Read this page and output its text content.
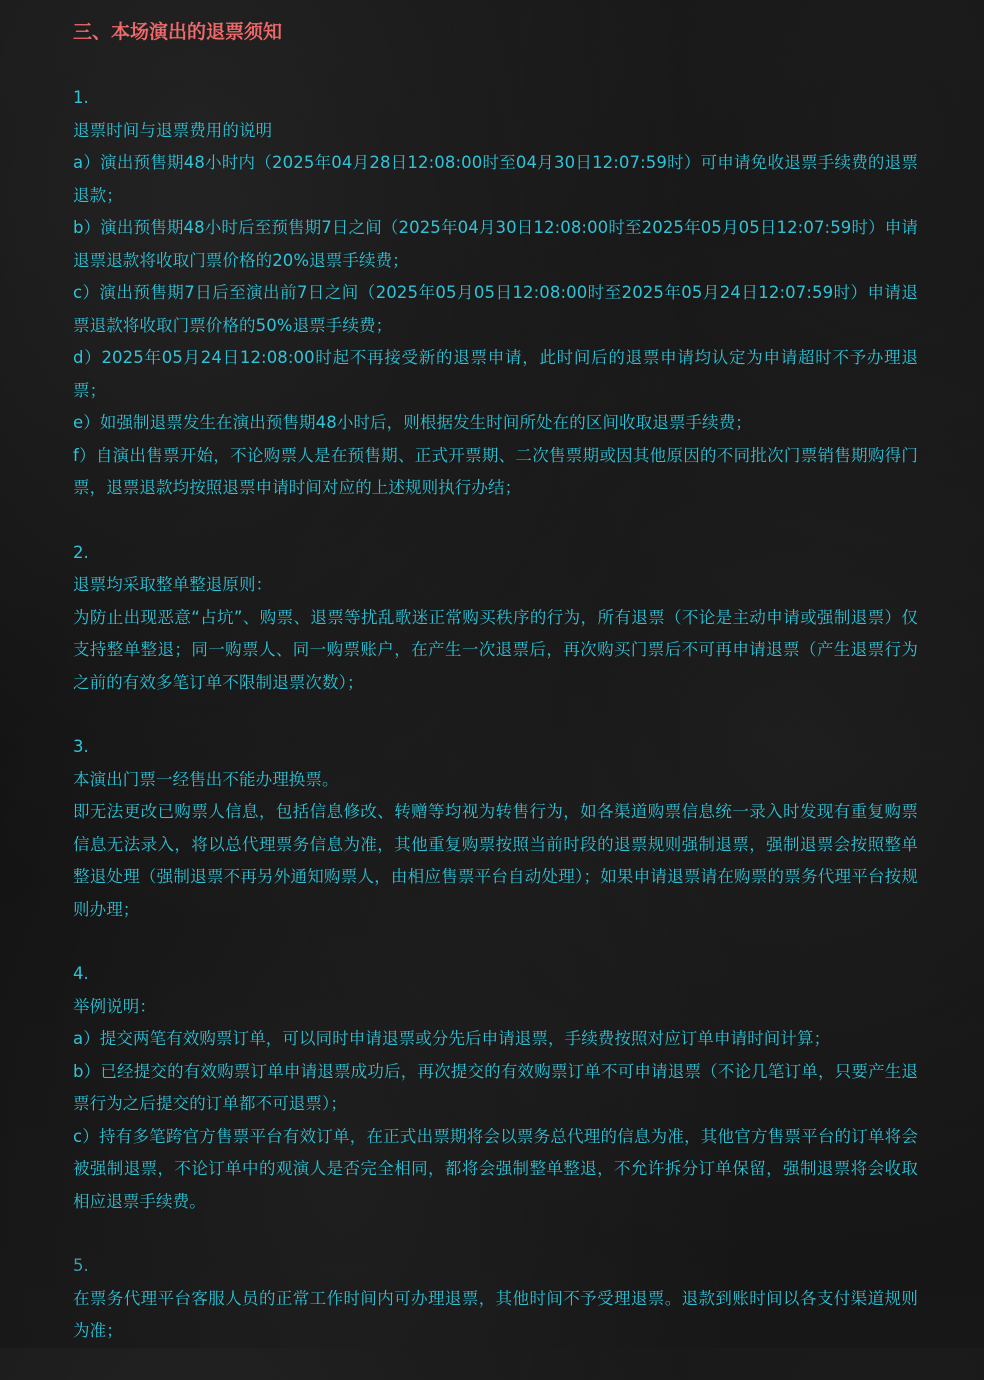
三、本场演出的退票须知
1.

退票时间与退票费用的说明

a）演出预售期48小时内（2025年04月28日12:08:00时至04月30日12:07:59时）可申请免收退票手续费的退票退款；

b）演出预售期48小时后至预售期7日之间（2025年04月30日12:08:00时至2025年05月05日12:07:59时）申请退票退款将收取门票价格的20%退票手续费；

c）演出预售期7日后至演出前7日之间（2025年05月05日12:08:00时至2025年05月24日12:07:59时）申请退票退款将收取门票价格的50%退票手续费；

d）2025年05月24日12:08:00时起不再接受新的退票申请，此时间后的退票申请均认定为申请超时不予办理退票；

e）如强制退票发生在演出预售期48小时后，则根据发生时间所处在的区间收取退票手续费；

f）自演出售票开始，不论购票人是在预售期、正式开票期、二次售票期或因其他原因的不同批次门票销售期购得门票，退票退款均按照退票申请时间对应的上述规则执行办结；

2.

退票均采取整单整退原则：

为防止出现恶意“占坑”、购票、退票等扰乱歌迷正常购买秩序的行为，所有退票（不论是主动申请或强制退票）仅支持整单整退；同一购票人、同一购票账户，在产生一次退票后，再次购买门票后不可再申请退票（产生退票行为之前的有效多笔订单不限制退票次数）；

3.

本演出门票一经售出不能办理换票。

即无法更改已购票人信息，包括信息修改、转赠等均视为转售行为，如各渠道购票信息统一录入时发现有重复购票信息无法录入，将以总代理票务信息为准，其他重复购票按照当前时段的退票规则强制退票，强制退票会按照整单整退处理（强制退票不再另外通知购票人，由相应售票平台自动处理）；如果申请退票请在购票的票务代理平台按规则办理；

4.

举例说明：

a）提交两笔有效购票订单，可以同时申请退票或分先后申请退票，手续费按照对应订单申请时间计算；

b）已经提交的有效购票订单申请退票成功后，再次提交的有效购票订单不可申请退票（不论几笔订单，只要产生退票行为之后提交的订单都不可退票）；

c）持有多笔跨官方售票平台有效订单，在正式出票期将会以票务总代理的信息为准，其他官方售票平台的订单将会被强制退票，不论订单中的观演人是否完全相同，都将会强制整单整退，不允许拆分订单保留，强制退票将会收取相应退票手续费。

5.

在票务代理平台客服人员的正常工作时间内可办理退票，其他时间不予受理退票。退款到账时间以各支付渠道规则为准；
